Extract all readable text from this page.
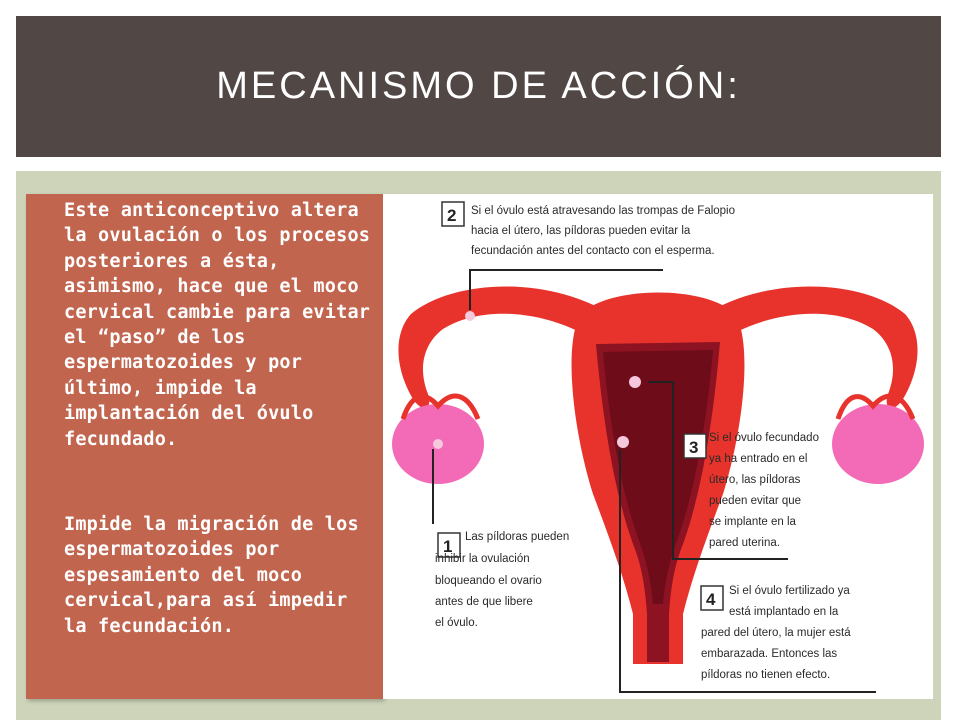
MECANISMO DE ACCIÓN:

Este anticonceptivo altera la ovulación o los procesos posteriores a ésta, asimismo, hace que el moco cervical cambie para evitar el “paso” de los espermatozoides y por último, impide la implantación del óvulo fecundado.

Impide la migración de los espermatozoides por espesamiento del moco cervical,para así impedir la fecundación.

2 Si el óvulo está atravesando las trompas de Falopio
hacia el útero, las píldoras pueden evitar la
fecundación antes del contacto con el esperma.
3 Si el óvulo fecundado
ya ha entrado en el
útero, las píldoras
pueden evitar que
se implante en la
pared uterina.
1 Las píldoras pueden
inhibir la ovulación
bloqueando el ovario
antes de que libere
el óvulo.
4 Si el óvulo fertilizado ya
está implantado en la
pared del útero, la mujer está
embarazada. Entonces las
píldoras no tienen efecto.
